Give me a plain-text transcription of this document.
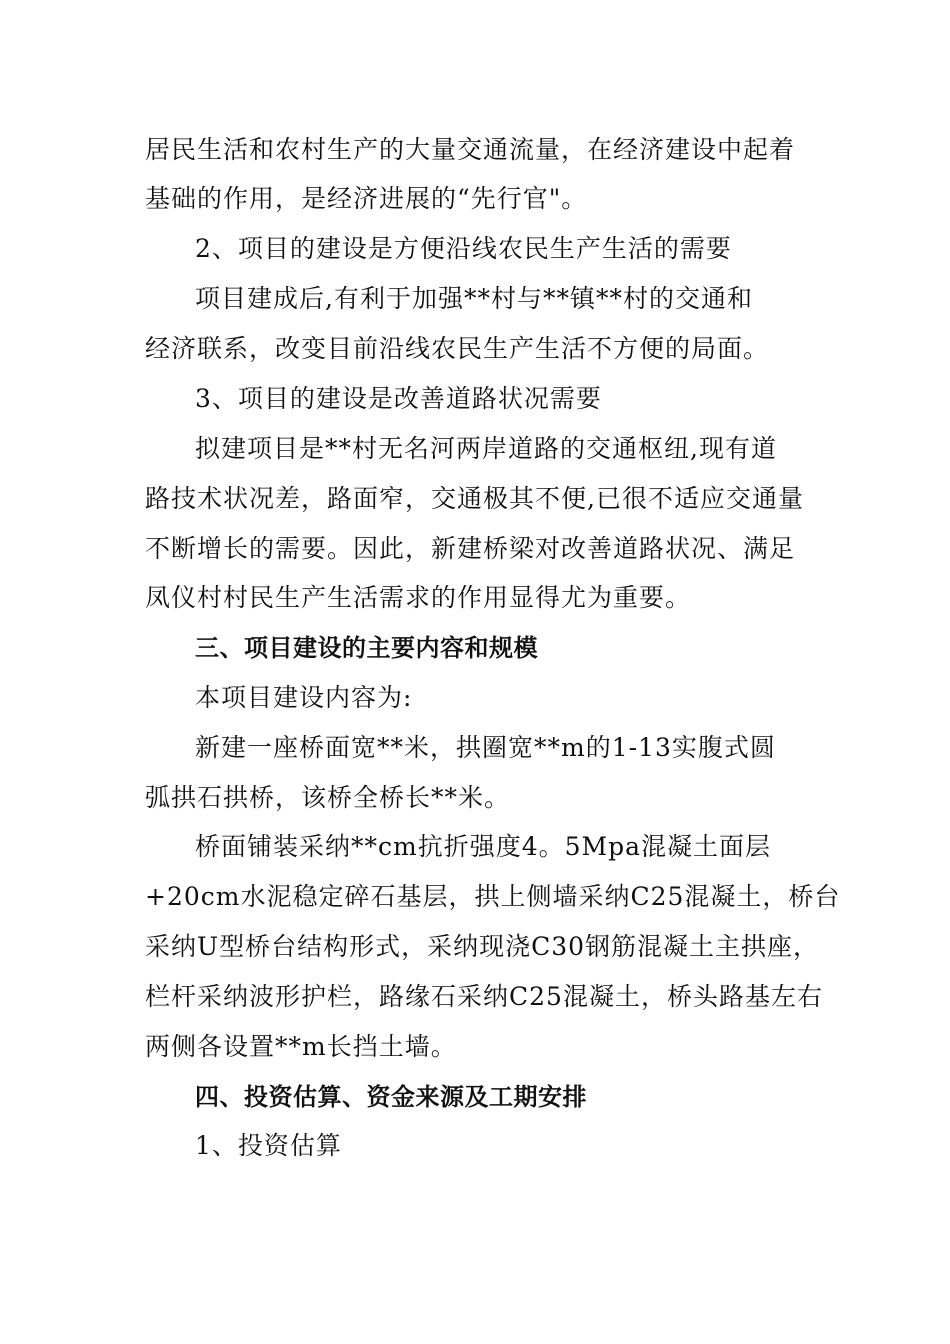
居民生活和农村生产的大量交通流量，在经济建设中起着
基础的作用，是经济进展的“先行官"。
2、项目的建设是方便沿线农民生产生活的需要
项目建成后,有利于加强**村与**镇**村的交通和
经济联系，改变目前沿线农民生产生活不方便的局面。
3、项目的建设是改善道路状况需要
拟建项目是**村无名河两岸道路的交通枢纽,现有道
路技术状况差，路面窄，交通极其不便,已很不适应交通量
不断增长的需要。因此，新建桥梁对改善道路状况、满足
凤仪村村民生产生活需求的作用显得尤为重要。
三、项目建设的主要内容和规模
本项目建设内容为:
新建一座桥面宽**米，拱圈宽**m的1-13实腹式圆
弧拱石拱桥，该桥全桥长**米。
桥面铺装采纳**cm抗折强度4。5Mpa混凝土面层
+20cm水泥稳定碎石基层，拱上侧墙采纳C25混凝土，桥台
采纳U型桥台结构形式，采纳现浇C30钢筋混凝土主拱座，
栏杆采纳波形护栏，路缘石采纳C25混凝土，桥头路基左右
两侧各设置**m长挡土墙。
四、投资估算、资金来源及工期安排
1、投资估算
